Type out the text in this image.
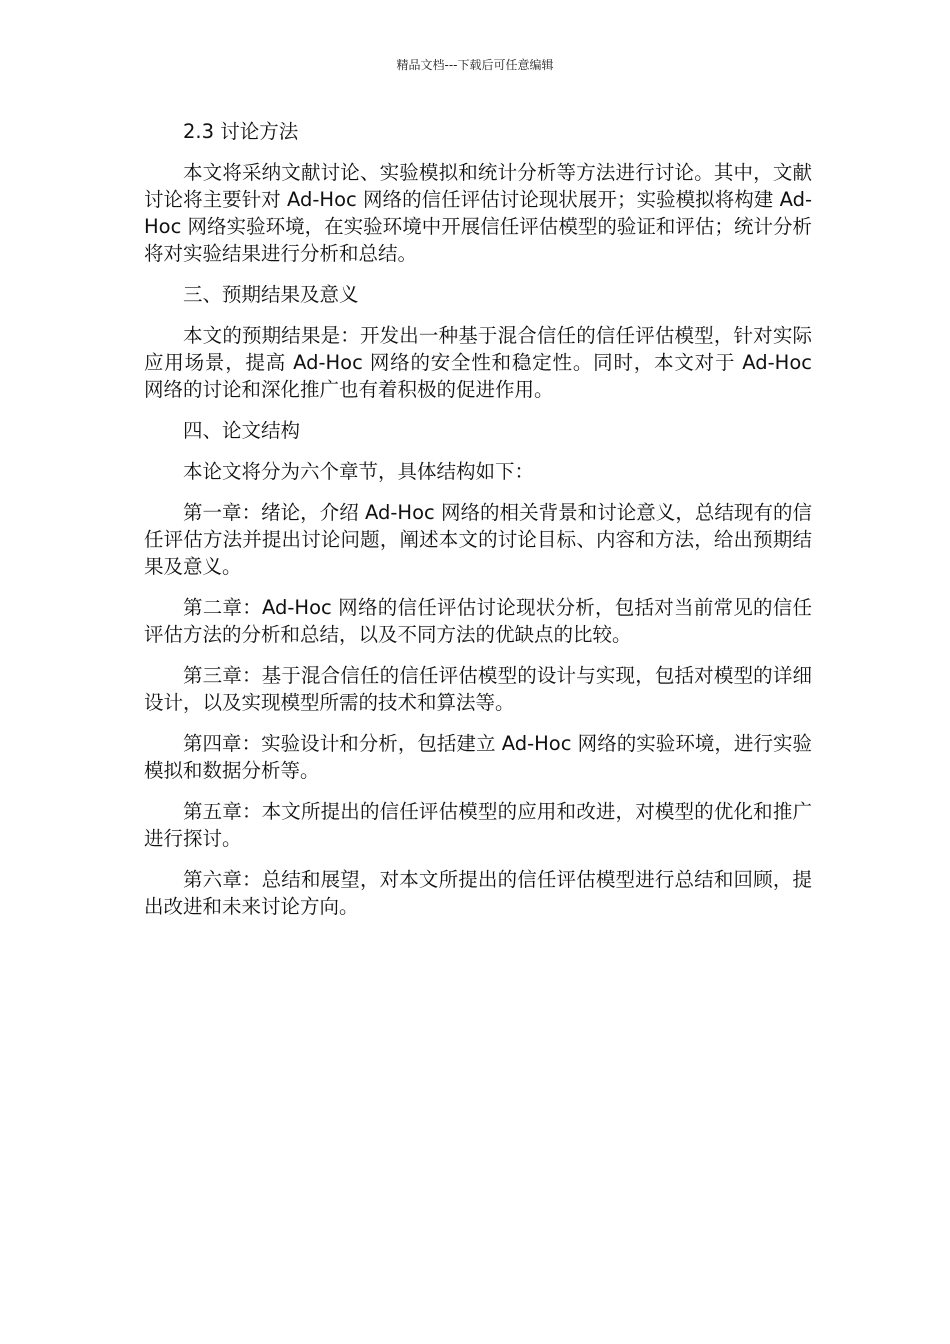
精品文档---下载后可任意编辑

2.3 讨论方法

本文将采纳文献讨论、实验模拟和统计分析等方法进行讨论。其中，文献讨论将主要针对 Ad-Hoc 网络的信任评估讨论现状展开；实验模拟将构建 Ad-Hoc 网络实验环境，在实验环境中开展信任评估模型的验证和评估；统计分析将对实验结果进行分析和总结。

三、预期结果及意义

本文的预期结果是：开发出一种基于混合信任的信任评估模型，针对实际应用场景，提高 Ad-Hoc 网络的安全性和稳定性。同时，本文对于 Ad-Hoc 网络的讨论和深化推广也有着积极的促进作用。

四、论文结构

本论文将分为六个章节，具体结构如下：

第一章：绪论，介绍 Ad-Hoc 网络的相关背景和讨论意义，总结现有的信任评估方法并提出讨论问题，阐述本文的讨论目标、内容和方法，给出预期结果及意义。

第二章：Ad-Hoc 网络的信任评估讨论现状分析，包括对当前常见的信任评估方法的分析和总结，以及不同方法的优缺点的比较。

第三章：基于混合信任的信任评估模型的设计与实现，包括对模型的详细设计，以及实现模型所需的技术和算法等。

第四章：实验设计和分析，包括建立 Ad-Hoc 网络的实验环境，进行实验模拟和数据分析等。

第五章：本文所提出的信任评估模型的应用和改进，对模型的优化和推广进行探讨。

第六章：总结和展望，对本文所提出的信任评估模型进行总结和回顾，提出改进和未来讨论方向。
